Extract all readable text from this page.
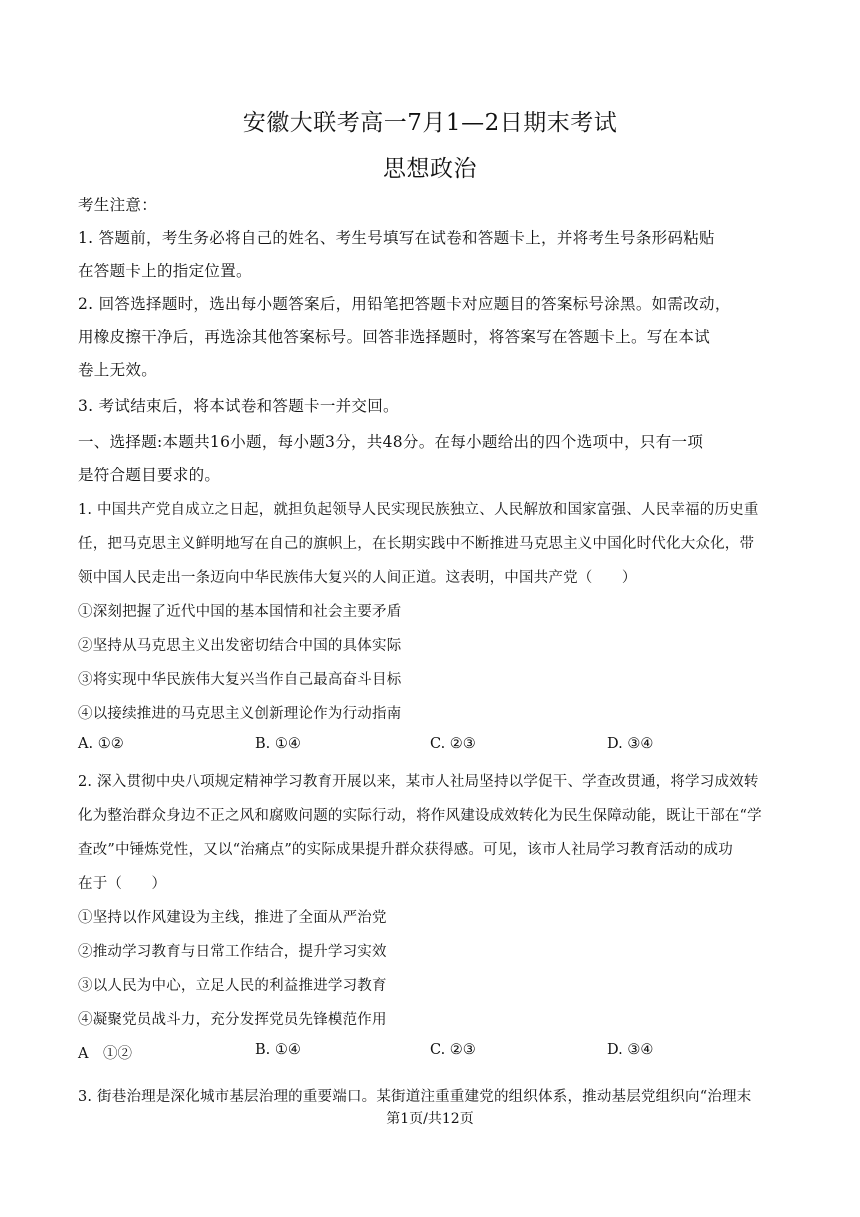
安徽大联考高一7月1—2日期末考试
思想政治
考生注意：
1. 答题前，考生务必将自己的姓名、考生号填写在试卷和答题卡上，并将考生号条形码粘贴
在答题卡上的指定位置。
2. 回答选择题时，选出每小题答案后，用铅笔把答题卡对应题目的答案标号涂黑。如需改动，
用橡皮擦干净后，再选涂其他答案标号。回答非选择题时，将答案写在答题卡上。写在本试
卷上无效。
3. 考试结束后，将本试卷和答题卡一并交回。
一、选择题:本题共16小题，每小题3分，共48分。在每小题给出的四个选项中，只有一项
是符合题目要求的。
1. 中国共产党自成立之日起，就担负起领导人民实现民族独立、人民解放和国家富强、人民幸福的历史重
任，把马克思主义鲜明地写在自己的旗帜上，在长期实践中不断推进马克思主义中国化时代化大众化，带
领中国人民走出一条迈向中华民族伟大复兴的人间正道。这表明，中国共产党（　　）
①深刻把握了近代中国的基本国情和社会主要矛盾
②坚持从马克思主义出发密切结合中国的具体实际
③将实现中华民族伟大复兴当作自己最高奋斗目标
④以接续推进的马克思主义创新理论作为行动指南
A. ①②	B. ①④	C. ②③	D. ③④
2. 深入贯彻中央八项规定精神学习教育开展以来，某市人社局坚持以学促干、学查改贯通，将学习成效转
化为整治群众身边不正之风和腐败问题的实际行动，将作风建设成效转化为民生保障动能，既让干部在“学
查改”中锤炼党性，又以“治痛点”的实际成果提升群众获得感。可见，该市人社局学习教育活动的成功
在于（　　）
①坚持以作风建设为主线，推进了全面从严治党
②推动学习教育与日常工作结合，提升学习实效
③以人民为中心，立足人民的利益推进学习教育
④凝聚党员战斗力，充分发挥党员先锋模范作用
A　①②	B. ①④	C. ②③	D. ③④
3. 街巷治理是深化城市基层治理的重要端口。某街道注重重建党的组织体系，推动基层党组织向“治理末
第1页/共12页
